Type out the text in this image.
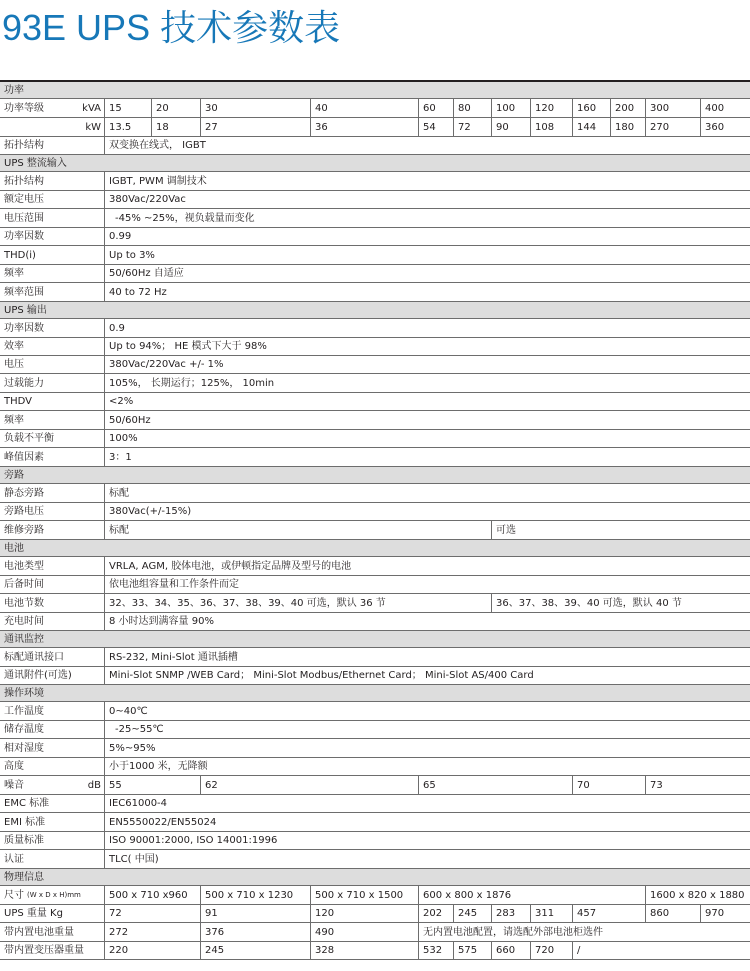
93E UPS 技术参数表
功率
功率等级	kVA 15	20	30	40	60	80	100	120	160	200	300	400
kW 13.5	18	27	36	54	72	90	108	144	180	270	360
拓扑结构	双变换在线式， IGBT
UPS 整流输入
拓扑结构	IGBT, PWM 调制技术
额定电压	380Vac/220Vac
电压范围	-45% ~25%，视负载量而变化
功率因数	0.99
THD(i)	Up to 3%
频率	50/60Hz 自适应
频率范围	40 to 72 Hz
UPS 输出
功率因数	0.9
效率	Up to 94%； HE 模式下大于 98%
电压	380Vac/220Vac +/- 1%
过载能力	105%， 长期运行；125%， 10min
THDV	<2%
频率	50/60Hz
负载不平衡	100%
峰值因素	3：1
旁路
静态旁路	标配
旁路电压	380Vac(+/-15%)
维修旁路	标配	可选
电池
电池类型	VRLA, AGM, 胶体电池，或伊顿指定品牌及型号的电池
后备时间	依电池组容量和工作条件而定
电池节数	32、33、34、35、36、37、38、39、40 可选，默认 36 节	36、37、38、39、40 可选，默认 40 节
充电时间	8 小时达到满容量 90%
通讯监控
标配通讯接口	RS-232, Mini-Slot 通讯插槽
通讯附件(可选)	Mini-Slot SNMP /WEB Card； Mini-Slot Modbus/Ethernet Card； Mini-Slot AS/400 Card
操作环境
工作温度	0~40℃
储存温度	-25~55℃
相对湿度	5%~95%
高度	小于1000 米，无降额
噪音	dB 55	62	65	70	73
EMC 标准	IEC61000-4
EMI 标准	EN5550022/EN55024
质量标准	ISO 90001:2000, ISO 14001:1996
认证	TLC( 中国)
物理信息
尺寸 (W x D x H)mm	500 x 710 x960	500 x 710 x 1230	500 x 710 x 1500	600 x 800 x 1876	1600 x 820 x 1880
UPS 重量 Kg	72	91	120	202	245	283	311	457	860	970
带内置电池重量	272	376	490	无内置电池配置，请选配外部电池柜选件
带内置变压器重量	220	245	328	532	575	660	720	/
